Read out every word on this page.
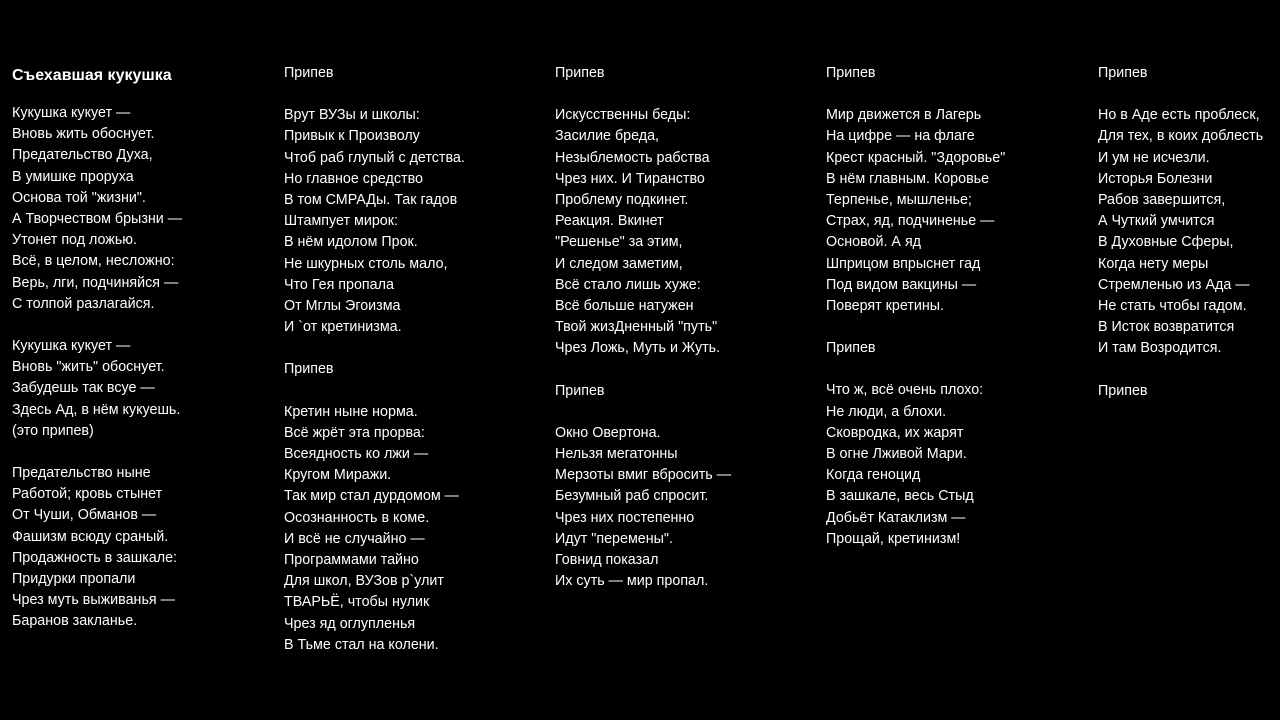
Съехавшая кукушка
Кукушка кукует —
Вновь жить обоснует.
Предательство Духа,
В умишке проруха
Основа той "жизни".
А Творчеством брызни —
Утонет под ложью.
Всё, в целом, несложно:
Верь, лги, подчиняйся —
С толпой разлагайся.
Кукушка кукует —
Вновь "жить" обоснует.
Забудешь так всуе —
Здесь Ад, в нём кукуешь.
(это припев)
Предательство ныне
Работой; кровь стынет
От Чуши, Обманов —
Фашизм всюду сраный.
Продажность в зашкале:
Придурки пропали
Чрез муть выживанья —
Баранов закланье.
Припев
Врут ВУЗы и школы:
Привык к Произволу
Чтоб раб глупый с детства.
Но главное средство
В том СМРАДы. Так гадов
Штампует мирок:
В нём идолом Прок.
Не шкурных столь мало,
Что Гея пропала
От Мглы Эгоизма
И `от кретинизма.
Припев
Кретин ныне норма.
Всё жрёт эта прорва:
Всеядность ко лжи —
Кругом Миражи.
Так мир стал дурдомом —
Осознанность в коме.
И всё не случайно —
Программами тайно
Для школ, ВУЗов р`улит
ТВАРЬЁ, чтобы нулик
Чрез яд оглупленья
В Тьме стал на колени.
Припев
Искусственны беды:
Засилие бреда,
Незыблемость рабства
Чрез них. И Тиранство
Проблему подкинет.
Реакция. Вкинет
"Решенье" за этим,
И следом заметим,
Всё стало лишь хуже:
Всё больше натужен
Твой жизДненный "путь"
Чрез Ложь, Муть и Жуть.
Припев
Окно Овертона.
Нельзя мегатонны
Мерзоты вмиг вбросить —
Безумный раб спросит.
Чрез них постепенно
Идут "перемены".
Говнид показал
Их суть — мир пропал.
Припев
Мир движется в Лагерь
На цифре — на флаге
Крест красный. "Здоровье"
В нём главным. Коровье
Терпенье, мышленье;
Страх, яд, подчиненье —
Основой. А яд
Шприцом впрыснет гад
Под видом вакцины —
Поверят кретины.
Припев
Что ж, всё очень плохо:
Не люди, а блохи.
Сковродка, их жарят
В огне Лживой Мари.
Когда геноцид
В зашкале, весь Стыд
Добьёт Катаклизм —
Прощай, кретинизм!
Припев
Но в Аде есть проблеск,
Для тех, в коих доблесть
И ум не исчезли.
Исторья Болезни
Рабов завершится,
А Чуткий умчится
В Духовные Сферы,
Когда нету меры
Стремленью из Ада —
Не стать чтобы гадом.
В Исток возвратится
И там Возродится.
Припев
